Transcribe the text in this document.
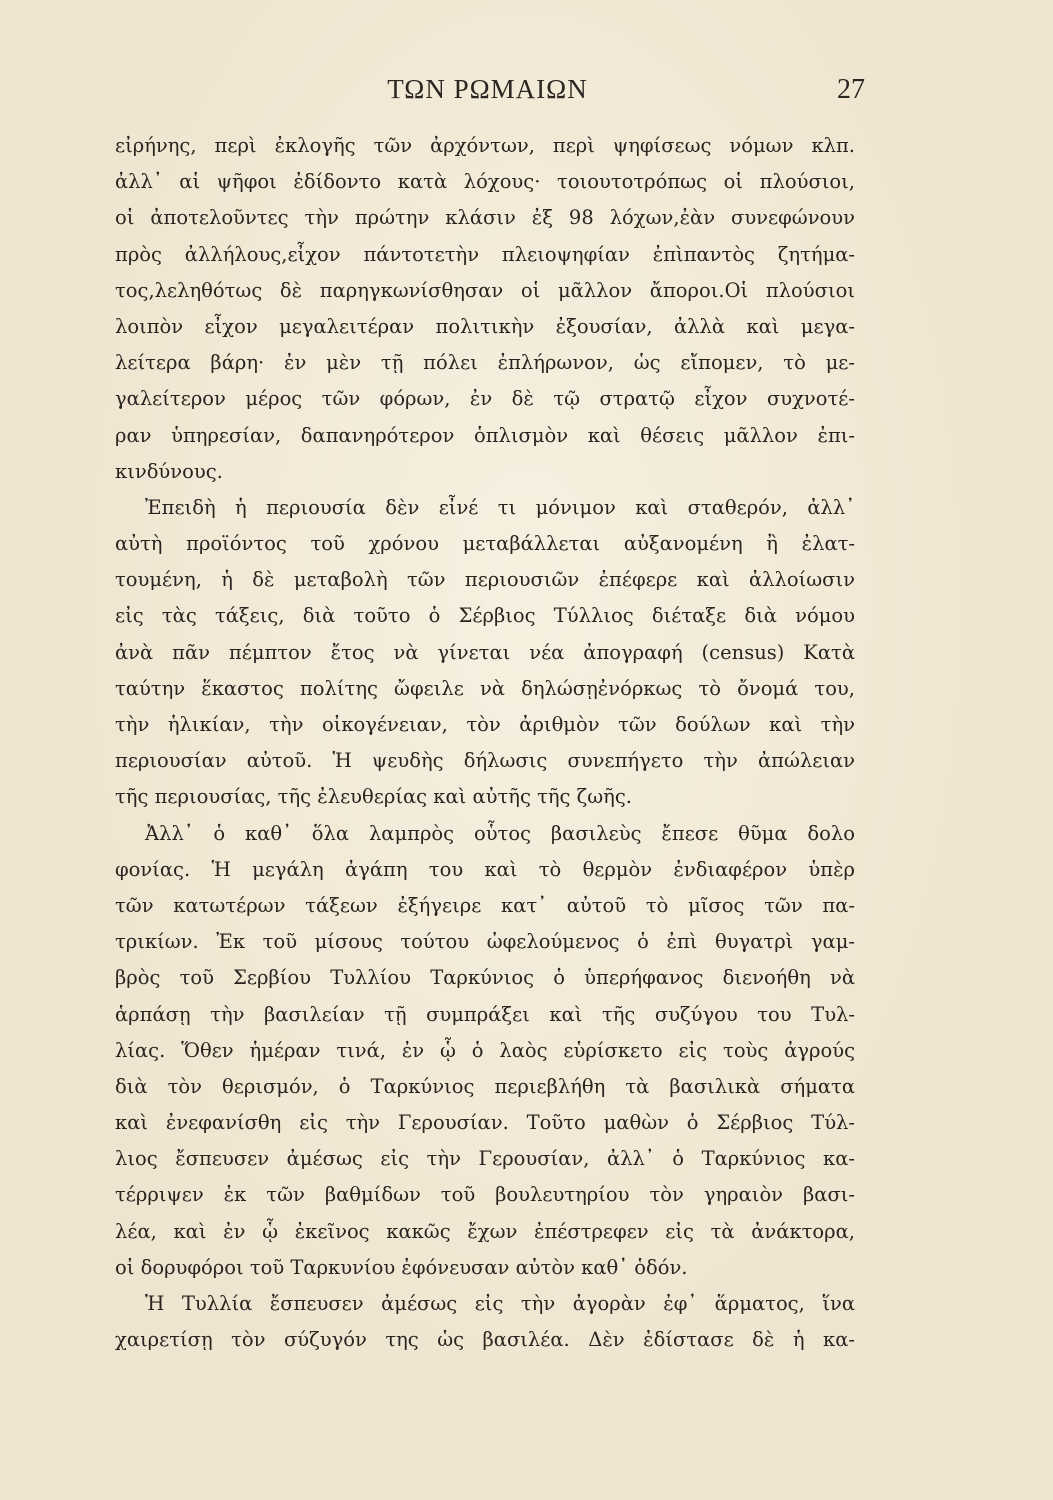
ΤΩΝ ΡΩΜΑΙΩΝ	27
εἰρήνης, περὶ ἐκλογῆς τῶν ἀρχόντων, περὶ ψηφίσεως νόμων κλπ.
ἀλλ᾿ αἱ ψῆφοι ἐδίδοντο κατὰ λόχους· τοιουτοτρόπως οἱ πλούσιοι,
οἱ ἀποτελοῦντες τὴν πρώτην κλάσιν ἐξ 98 λόχων,ἐὰν συνεφώνουν
πρὸς ἀλλήλους,εἶχον πάντοτετὴν πλειοψηφίαν ἐπὶπαντὸς ζητήμα-
τος,λεληθότως δὲ παρηγκωνίσθησαν οἱ μᾶλλον ἄποροι.Οἱ πλούσιοι
λοιπὸν εἶχον μεγαλειτέραν πολιτικὴν ἐξουσίαν, ἀλλὰ καὶ μεγα-
λείτερα βάρη· ἐν μὲν τῇ πόλει ἐπλήρωνον, ὡς εἴπομεν, τὸ με-
γαλείτερον μέρος τῶν φόρων, ἐν δὲ τῷ στρατῷ εἶχον συχνοτέ-
ραν ὑπηρεσίαν, δαπανηρότερον ὁπλισμὸν καὶ θέσεις μᾶλλον ἐπι-
κινδύνους.
Ἐπειδὴ ἡ περιουσία δὲν εἶνέ τι μόνιμον καὶ σταθερόν, ἀλλ᾿
αὐτὴ προϊόντος τοῦ χρόνου μεταβάλλεται αὐξανομένη ἢ ἐλατ-
τουμένη, ἡ δὲ μεταβολὴ τῶν περιουσιῶν ἐπέφερε καὶ ἀλλοίωσιν
εἰς τὰς τάξεις, διὰ τοῦτο ὁ Σέρβιος Τύλλιος διέταξε διὰ νόμου
ἀνὰ πᾶν πέμπτον ἔτος νὰ γίνεται νέα ἀπογραφή (census) Κατὰ
ταύτην ἕκαστος πολίτης ὤφειλε νὰ δηλώσῃἐνόρκως τὸ ὄνομά του,
τὴν ἡλικίαν, τὴν οἰκογένειαν, τὸν ἀριθμὸν τῶν δούλων καὶ τὴν
περιουσίαν αὐτοῦ. Ἡ ψευδὴς δήλωσις συνεπήγετο τὴν ἀπώλειαν
τῆς περιουσίας, τῆς ἐλευθερίας καὶ αὐτῆς τῆς ζωῆς.
Ἀλλ᾿ ὁ καθ᾿ ὅλα λαμπρὸς οὗτος βασιλεὺς ἔπεσε θῦμα δολο
φονίας. Ἡ μεγάλη ἀγάπη του καὶ τὸ θερμὸν ἐνδιαφέρον ὑπὲρ
τῶν κατωτέρων τάξεων ἐξήγειρε κατ᾿ αὐτοῦ τὸ μῖσος τῶν πα-
τρικίων. Ἐκ τοῦ μίσους τούτου ὠφελούμενος ὁ ἐπὶ θυγατρὶ γαμ-
βρὸς τοῦ Σερβίου Τυλλίου Ταρκύνιος ὁ ὑπερήφανος διενοήθη νὰ
ἁρπάσῃ τὴν βασιλείαν τῇ συμπράξει καὶ τῆς συζύγου του Τυλ-
λίας. Ὅθεν ἡμέραν τινά, ἐν ᾧ ὁ λαὸς εὑρίσκετο εἰς τοὺς ἀγρούς
διὰ τὸν θερισμόν, ὁ Ταρκύνιος περιεβλήθη τὰ βασιλικὰ σήματα
καὶ ἐνεφανίσθη εἰς τὴν Γερουσίαν. Τοῦτο μαθὼν ὁ Σέρβιος Τύλ-
λιος ἔσπευσεν ἀμέσως εἰς τὴν Γερουσίαν, ἀλλ᾿ ὁ Ταρκύνιος κα-
τέρριψεν ἐκ τῶν βαθμίδων τοῦ βουλευτηρίου τὸν γηραιὸν βασι-
λέα, καὶ ἐν ᾧ ἐκεῖνος κακῶς ἔχων ἐπέστρεφεν εἰς τὰ ἀνάκτορα,
οἱ δορυφόροι τοῦ Ταρκυνίου ἐφόνευσαν αὐτὸν καθ᾿ ὁδόν.
Ἡ Τυλλία ἔσπευσεν ἀμέσως εἰς τὴν ἀγορὰν ἐφ᾿ ἅρματος, ἵνα
χαιρετίσῃ τὸν σύζυγόν της ὡς βασιλέα. Δὲν ἐδίστασε δὲ ἡ κα-
